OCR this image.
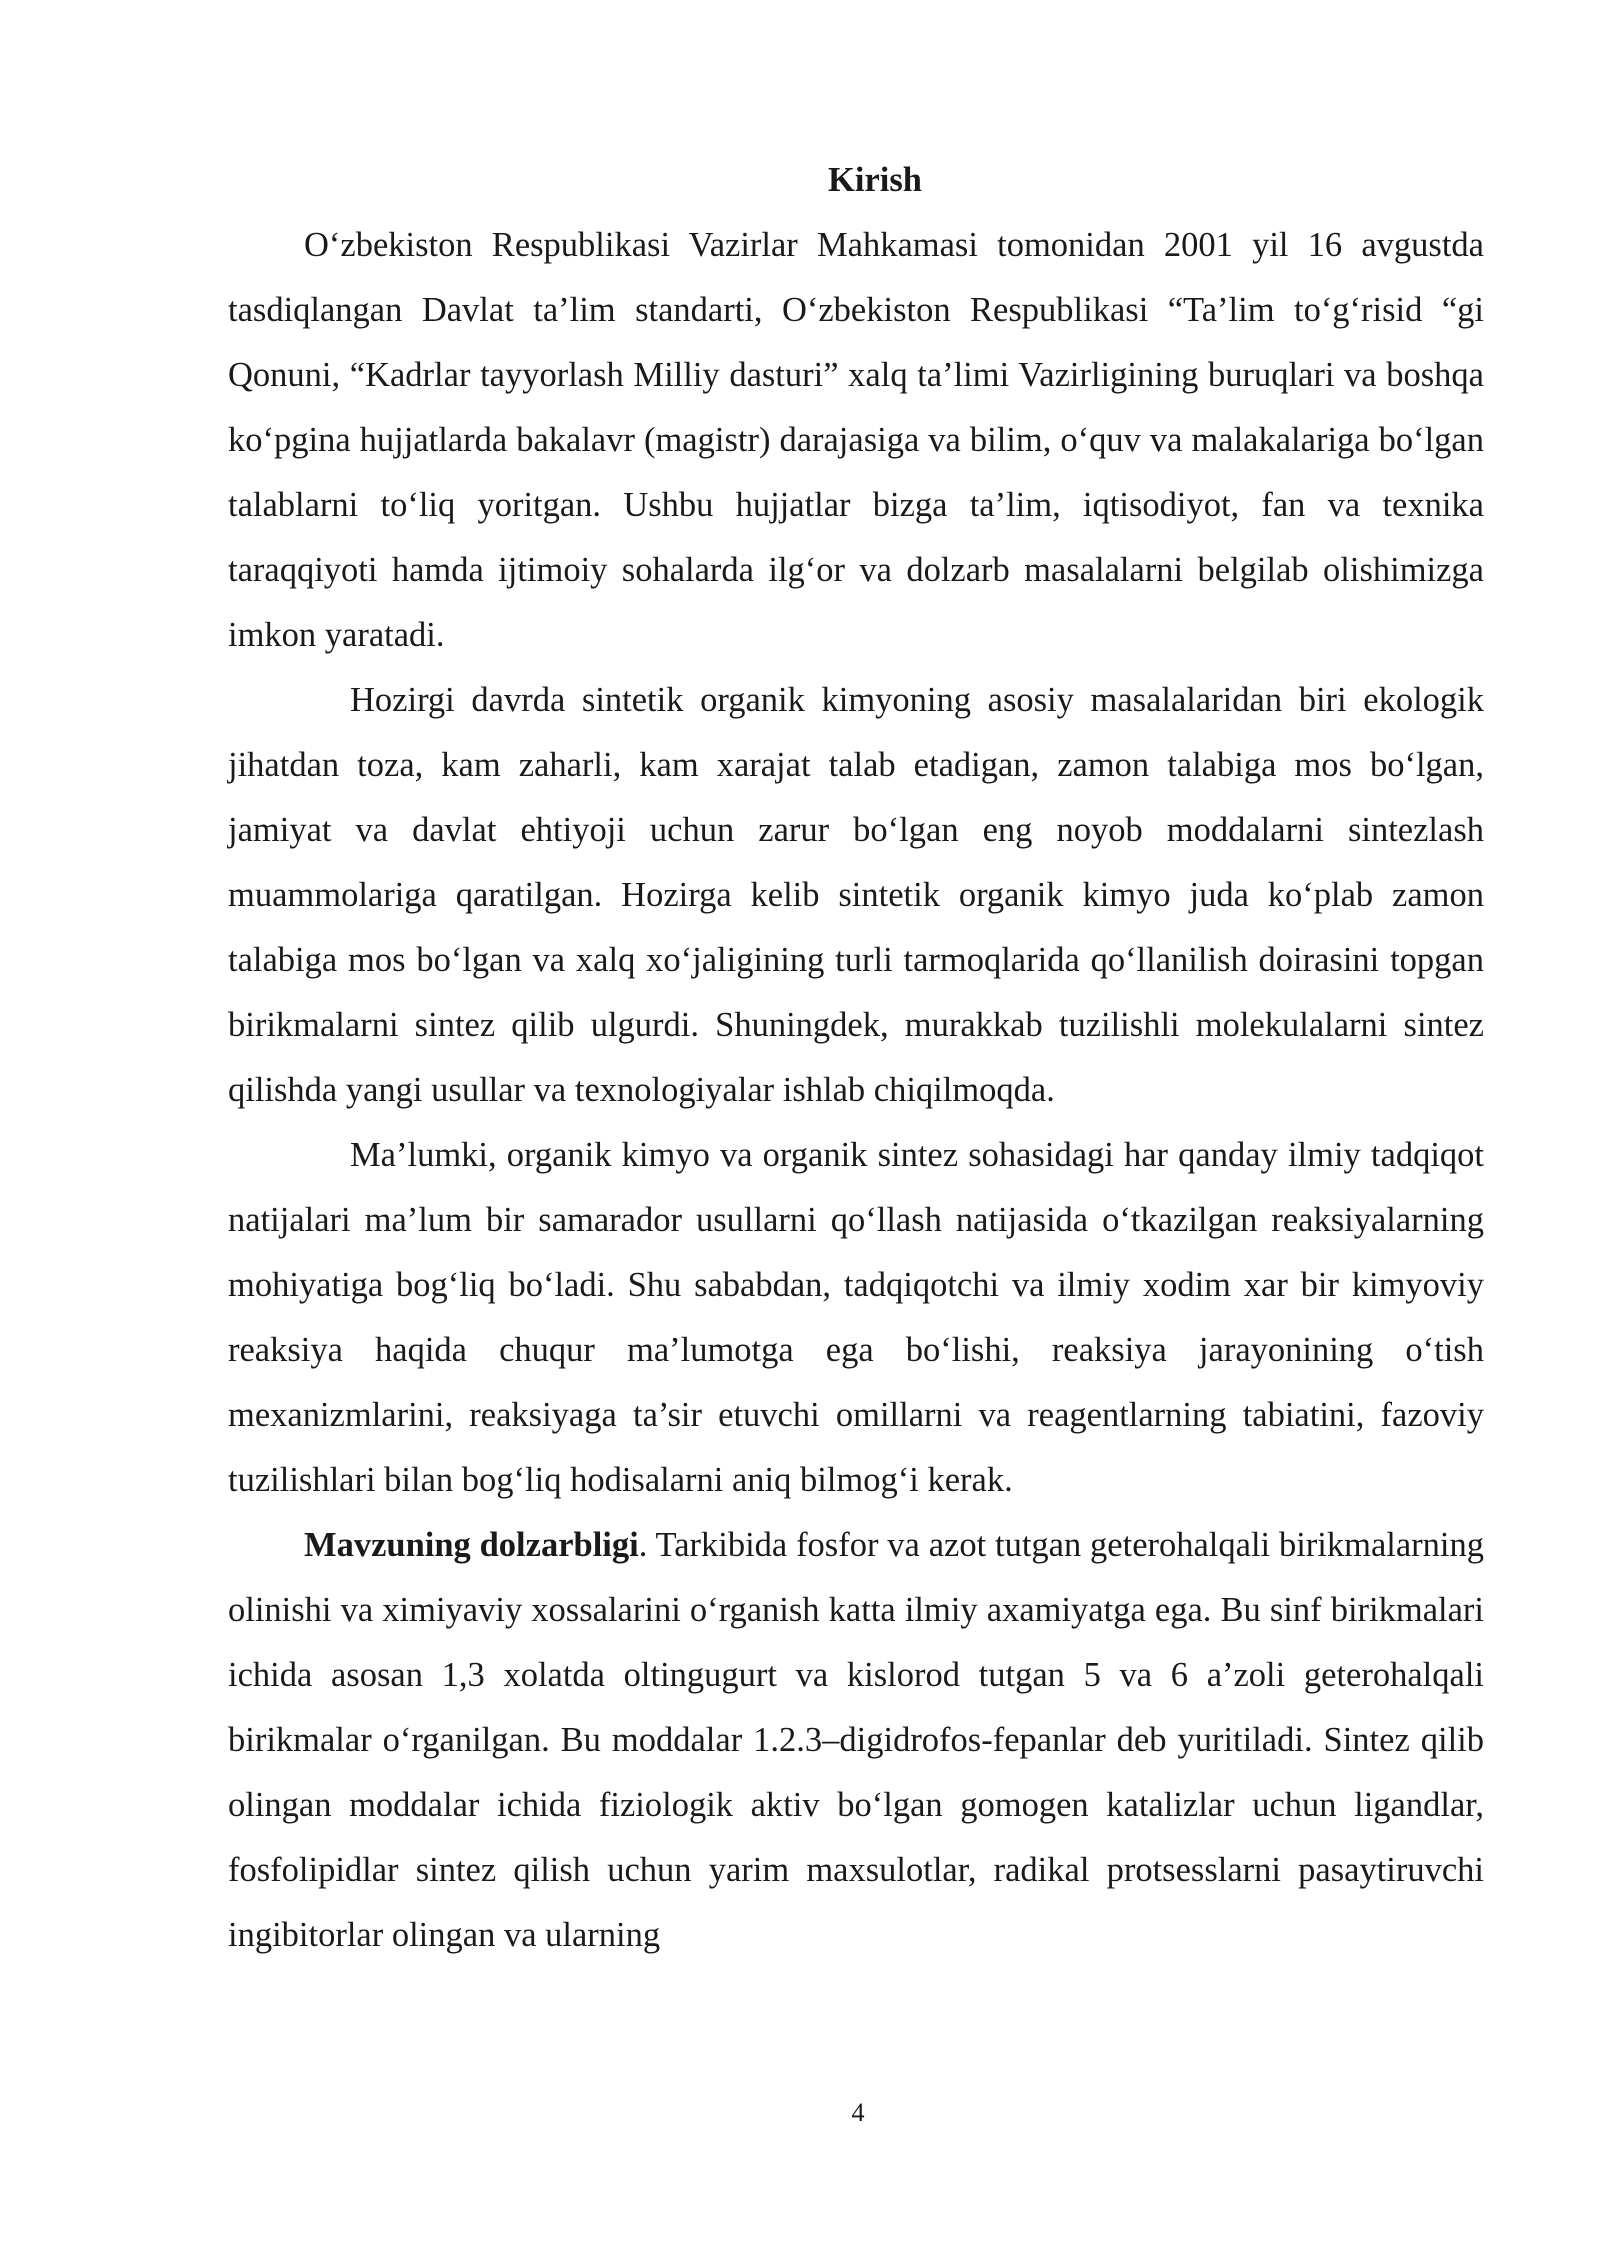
Kirish

O‘zbekiston Respublikasi Vazirlar Mahkamasi tomonidan 2001 yil 16 avgustda tasdiqlangan Davlat ta’lim standarti, O‘zbekiston Respublikasi “Ta’lim to‘g‘risid “gi Qonuni, “Kadrlar tayyorlash Milliy dasturi” xalq ta’limi Vazirligining buruqlari va boshqa ko‘pgina hujjatlarda bakalavr (magistr) darajasiga va bilim, o‘quv va malakalariga bo‘lgan talablarni to‘liq yoritgan. Ushbu hujjatlar bizga ta’lim, iqtisodiyot, fan va texnika taraqqiyoti hamda ijtimoiy sohalarda ilg‘or va dolzarb masalalarni belgilab olishimizga imkon yaratadi.

Hozirgi davrda sintetik organik kimyoning asosiy masalalaridan biri ekologik jihatdan toza, kam zaharli, kam xarajat talab etadigan, zamon talabiga mos bo‘lgan, jamiyat va davlat ehtiyoji uchun zarur bo‘lgan eng noyob moddalarni sintezlash muammolariga qaratilgan. Hozirga kelib sintetik organik kimyo juda ko‘plab zamon talabiga mos bo‘lgan va xalq xo‘jaligining turli tarmoqlarida qo‘llanilish doirasini topgan birikmalarni sintez qilib ulgurdi. Shuningdek, murakkab tuzilishli molekulalarni sintez qilishda yangi usullar va texnologiyalar ishlab chiqilmoqda.

Ma’lumki, organik kimyo va organik sintez sohasidagi har qanday ilmiy tadqiqot natijalari ma’lum bir samarador usullarni qo‘llash natijasida o‘tkazilgan reaksiyalarning mohiyatiga bog‘liq bo‘ladi. Shu sababdan, tadqiqotchi va ilmiy xodim xar bir kimyoviy reaksiya haqida chuqur ma’lumotga ega bo‘lishi, reaksiya jarayonining o‘tish mexanizmlarini, reaksiyaga ta’sir etuvchi omillarni va reagentlarning tabiatini, fazoviy tuzilishlari bilan bog‘liq hodisalarni aniq bilmog‘i kerak.

Mavzuning dolzarbligi. Tarkibida fosfor va azot tutgan geterohalqali birikmalarning olinishi va ximiyaviy xossalarini o‘rganish katta ilmiy axamiyatga ega. Bu sinf birikmalari ichida asosan 1,3 xolatda oltingugurt va kislorod tutgan 5 va 6 a’zoli geterohalqali birikmalar o‘rganilgan. Bu moddalar 1.2.3–digidrofos-fepanlar deb yuritiladi. Sintez qilib olingan moddalar ichida fiziologik aktiv bo‘lgan gomogen katalizlar uchun ligandlar, fosfolipidlar sintez qilish uchun yarim maxsulotlar, radikal protsesslarni pasaytiruvchi ingibitorlar olingan va ularning

4
